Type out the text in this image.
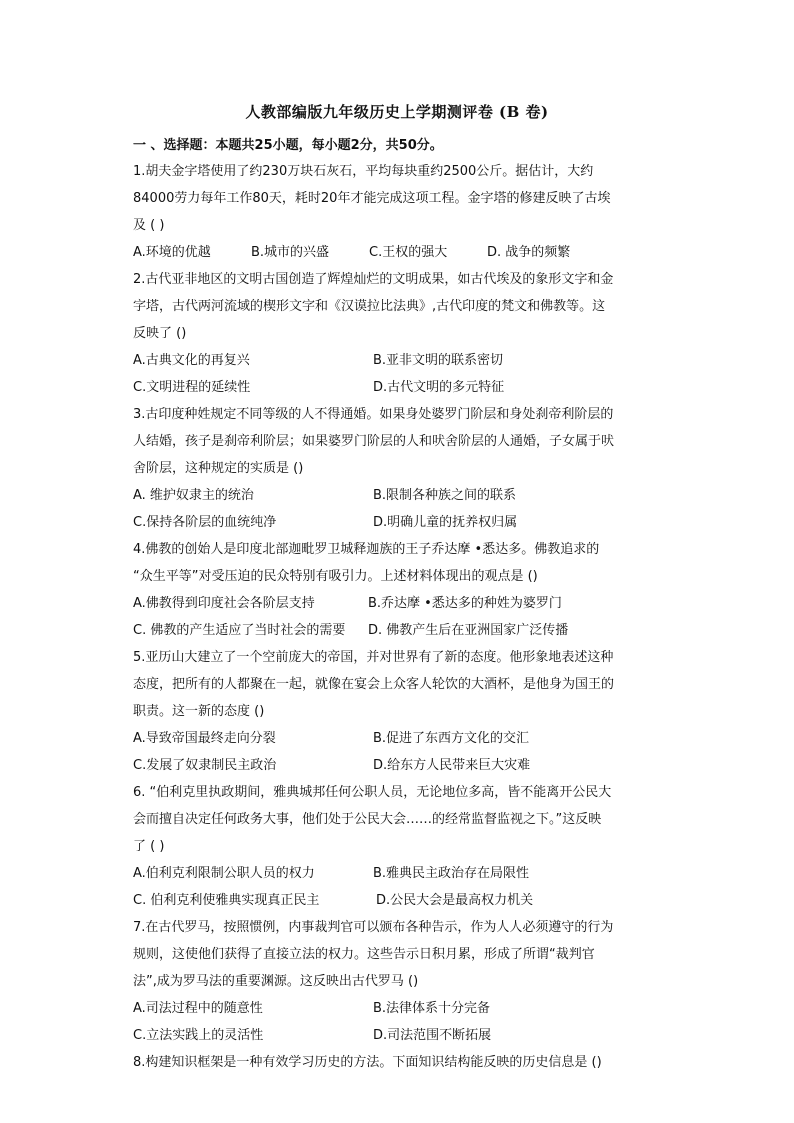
人教部编版九年级历史上学期测评卷 (B 卷)
一 、选择题：本题共25小题，每小题2分，共50分。
1.胡夫金字塔使用了约230万块石灰石，平均每块重约2500公斤。据估计，大约
84000劳力每年工作80天，耗时20年才能完成这项工程。金字塔的修建反映了古埃
及 ( )
A.环境的优越	B.城市的兴盛	C.王权的强大	D. 战争的频繁
2.古代亚非地区的文明古国创造了辉煌灿烂的文明成果，如古代埃及的象形文字和金
字塔，古代两河流域的楔形文字和《汉谟拉比法典》,古代印度的梵文和佛教等。这
反映了 ()
A.古典文化的再复兴	B.亚非文明的联系密切
C.文明进程的延续性	D.古代文明的多元特征
3.古印度种姓规定不同等级的人不得通婚。如果身处婆罗门阶层和身处刹帝利阶层的
人结婚，孩子是刹帝利阶层；如果婆罗门阶层的人和吠舍阶层的人通婚，子女属于吠
舍阶层，这种规定的实质是 ()
A. 维护奴隶主的统治	B.限制各种族之间的联系
C.保持各阶层的血统纯净	D.明确儿童的抚养权归属
4.佛教的创始人是印度北部迦毗罗卫城释迦族的王子乔达摩 •悉达多。佛教追求的
“众生平等”对受压迫的民众特别有吸引力。上述材料体现出的观点是 ()
A.佛教得到印度社会各阶层支持	B.乔达摩 •悉达多的种姓为婆罗门
C. 佛教的产生适应了当时社会的需要 D. 佛教产生后在亚洲国家广泛传播
5.亚历山大建立了一个空前庞大的帝国，并对世界有了新的态度。他形象地表述这种
态度，把所有的人都聚在一起，就像在宴会上众客人轮饮的大酒杯，是他身为国王的
职责。这一新的态度 ()
A.导致帝国最终走向分裂	B.促进了东西方文化的交汇
C.发展了奴隶制民主政治	D.给东方人民带来巨大灾难
6. “伯利克里执政期间，雅典城邦任何公职人员，无论地位多高，皆不能离开公民大
会而擅自决定任何政务大事，他们处于公民大会……的经常监督监视之下。”这反映
了 ( )
A.伯利克利限制公职人员的权力	B.雅典民主政治存在局限性
C. 伯利克利使雅典实现真正民主	D.公民大会是最高权力机关
7.在古代罗马，按照惯例，内事裁判官可以颁布各种告示，作为人人必须遵守的行为
规则，这使他们获得了直接立法的权力。这些告示日积月累，形成了所谓“裁判官
法”,成为罗马法的重要渊源。这反映出古代罗马 ()
A.司法过程中的随意性	B.法律体系十分完备
C.立法实践上的灵活性	D.司法范围不断拓展
8.构建知识框架是一种有效学习历史的方法。下面知识结构能反映的历史信息是 ()
